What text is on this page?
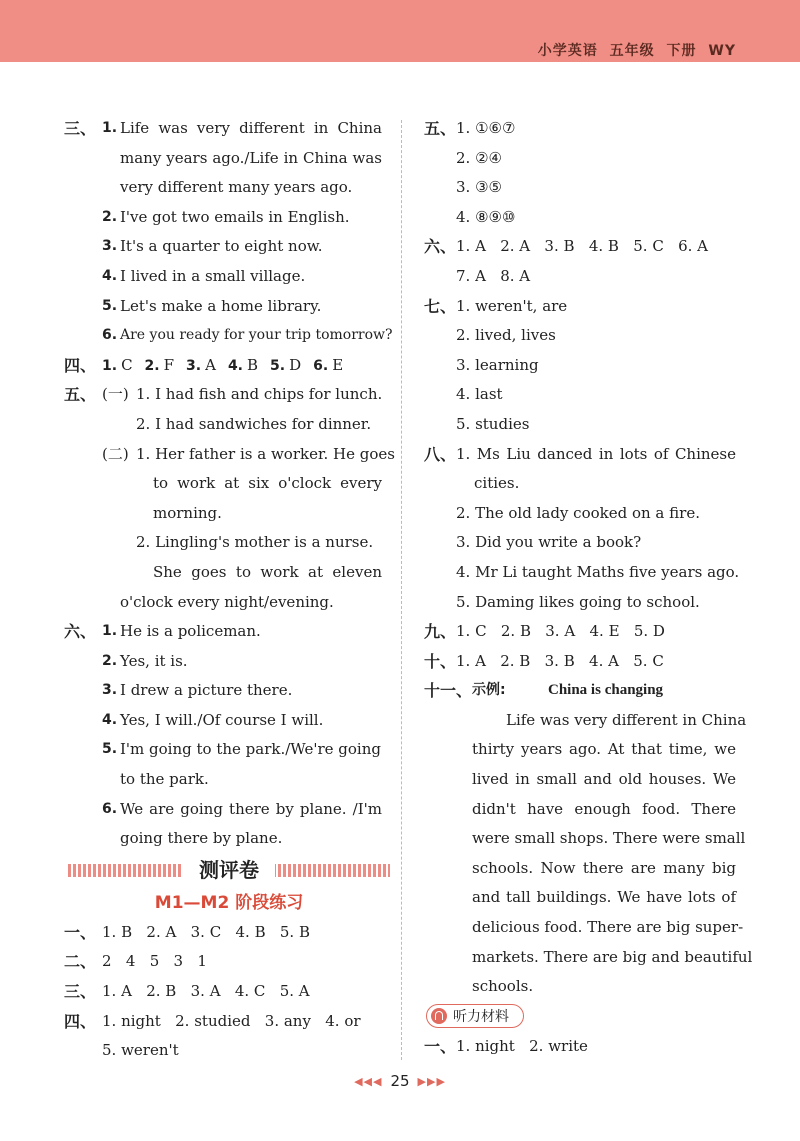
小学英语 五年级 下册 WY
三、 1. Life was very different in China
many years ago./Life in China was
very different many years ago.
2. I've got two emails in English.
3. It's a quarter to eight now.
4. I lived in a small village.
5. Let's make a home library.
6. Are you ready for your trip tomorrow?
四、 1. C 2. F 3. A 4. B 5. D 6. E
五、 (一) 1. I had fish and chips for lunch.
2. I had sandwiches for dinner.
(二) 1. Her father is a worker. He goes
to work at six o'clock every
morning.
2. Lingling's mother is a nurse.
She goes to work at eleven
o'clock every night/evening.
六、 1. He is a policeman.
2. Yes, it is.
3. I drew a picture there.
4. Yes, I will./Of course I will.
5. I'm going to the park./We're going
to the park.
6. We are going there by plane. /I'm
going there by plane.
测评卷
M1—M2 阶段练习
一、 1. B   2. A   3. C   4. B   5. B
二、 2   4   5   3   1
三、 1. A   2. B   3. A   4. C   5. A
四、 1. night   2. studied   3. any   4. or
5. weren't
五、 1. ①⑥⑦
2. ②④
3. ③⑤
4. ⑧⑨⑩
六、 1. A   2. A   3. B   4. B   5. C   6. A
7. A   8. A
七、 1. weren't, are
2. lived, lives
3. learning
4. last
5. studies
八、 1. Ms Liu danced in lots of Chinese
cities.
2. The old lady cooked on a fire.
3. Did you write a book?
4. Mr Li taught Maths five years ago.
5. Daming likes going to school.
九、 1. C   2. B   3. A   4. E   5. D
十、 1. A   2. B   3. B   4. A   5. C
十一、 示例:	China is changing
Life was very different in China
thirty years ago. At that time, we
lived in small and old houses. We
didn't have enough food. There
were small shops. There were small
schools. Now there are many big
and tall buildings. We have lots of
delicious food. There are big super-
markets. There are big and beautiful
schools.
听力材料
一、 1. night   2. write
◀◀◀ 25 ▶▶▶
